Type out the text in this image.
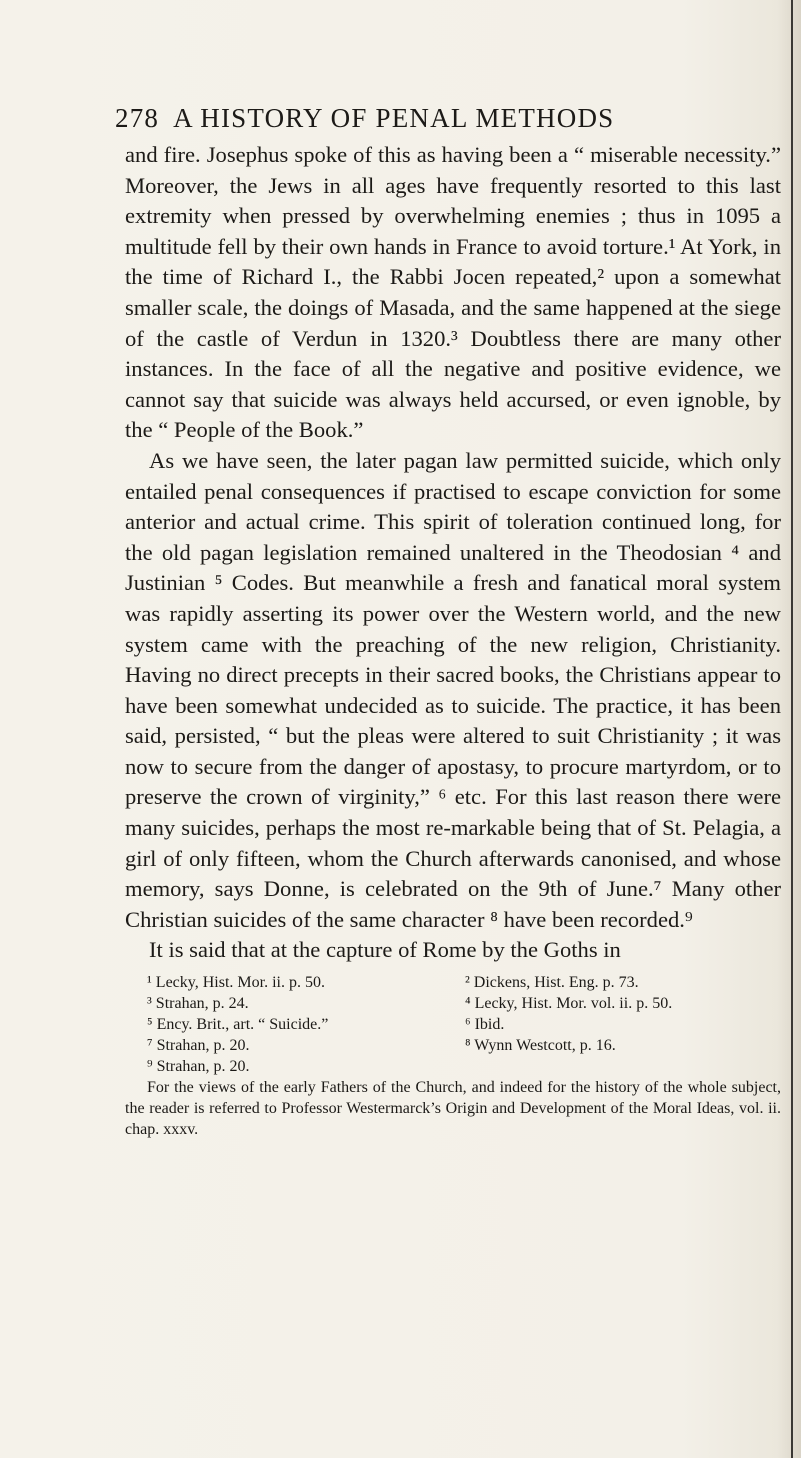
278 A HISTORY OF PENAL METHODS

and fire. Josephus spoke of this as having been a “ miserable necessity.” Moreover, the Jews in all ages have frequently resorted to this last extremity when pressed by overwhelming enemies ; thus in 1095 a multitude fell by their own hands in France to avoid torture.¹ At York, in the time of Richard I., the Rabbi Jocen repeated,² upon a somewhat smaller scale, the doings of Masada, and the same happened at the siege of the castle of Verdun in 1320.³ Doubtless there are many other instances. In the face of all the negative and positive evidence, we cannot say that suicide was always held accursed, or even ignoble, by the “ People of the Book.”

As we have seen, the later pagan law permitted suicide, which only entailed penal consequences if practised to escape conviction for some anterior and actual crime. This spirit of toleration continued long, for the old pagan legislation remained unaltered in the Theodosian ⁴ and Justinian ⁵ Codes. But meanwhile a fresh and fanatical moral system was rapidly asserting its power over the Western world, and the new system came with the preaching of the new religion, Christianity. Having no direct precepts in their sacred books, the Christians appear to have been somewhat undecided as to suicide. The practice, it has been said, persisted, “ but the pleas were altered to suit Christianity ; it was now to secure from the danger of apostasy, to procure martyrdom, or to preserve the crown of virginity,” ⁶ etc. For this last reason there were many suicides, perhaps the most re-markable being that of St. Pelagia, a girl of only fifteen, whom the Church afterwards canonised, and whose memory, says Donne, is celebrated on the 9th of June.⁷ Many other Christian suicides of the same character ⁸ have been recorded.⁹

It is said that at the capture of Rome by the Goths in

¹ Lecky, Hist. Mor. ii. p. 50.	² Dickens, Hist. Eng. p. 73.
³ Strahan, p. 24.	⁴ Lecky, Hist. Mor. vol. ii. p. 50.
⁵ Ency. Brit., art. “ Suicide.”	⁶ Ibid.
⁷ Strahan, p. 20.	⁸ Wynn Westcott, p. 16.
⁹ Strahan, p. 20.

For the views of the early Fathers of the Church, and indeed for the history of the whole subject, the reader is referred to Professor Westermarck’s Origin and Development of the Moral Ideas, vol. ii. chap. xxxv.
